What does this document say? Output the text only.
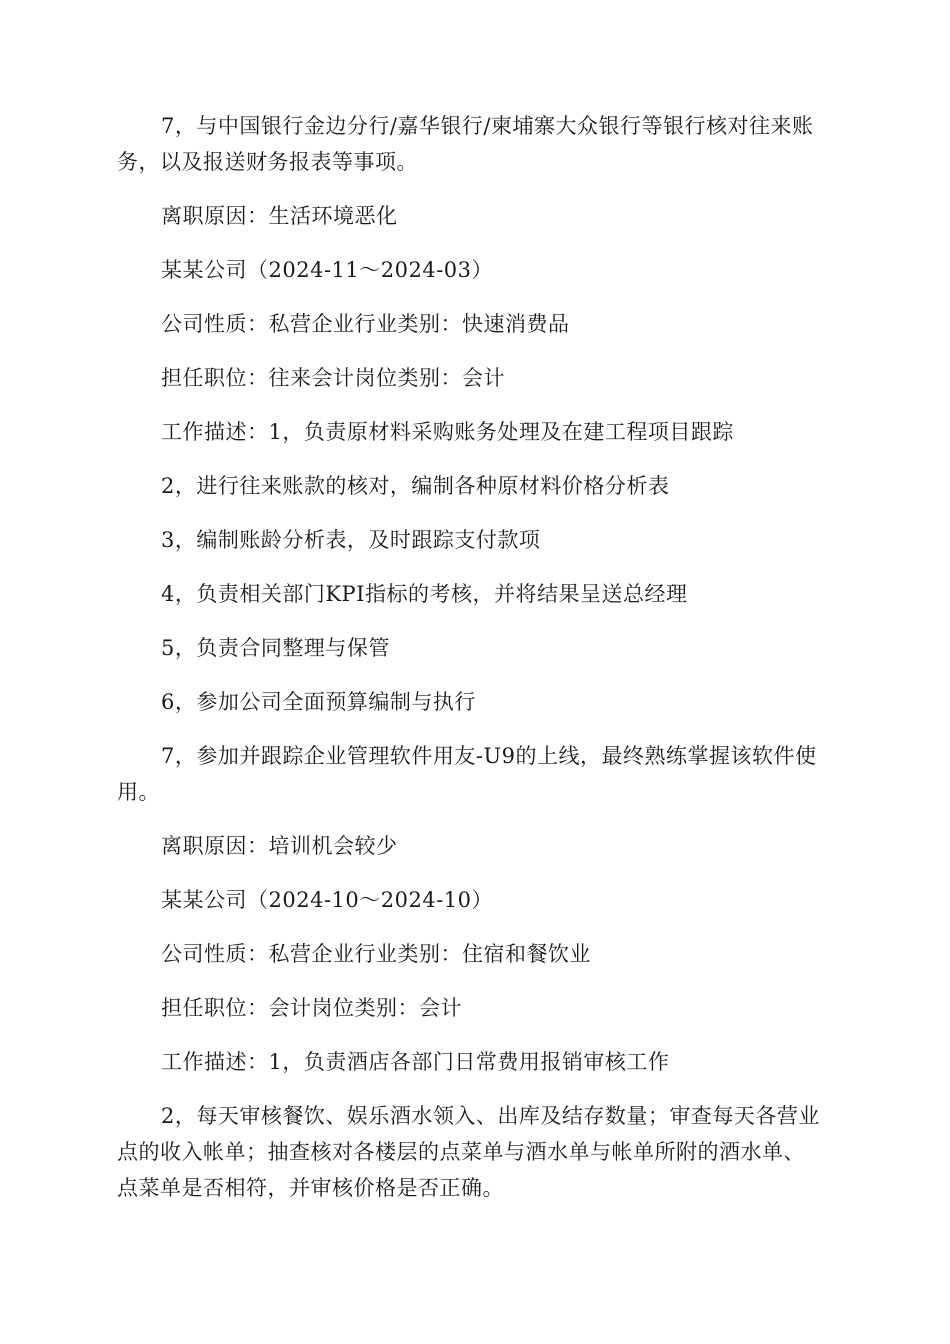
7，与中国银行金边分行/嘉华银行/柬埔寨大众银行等银行核对往来账务，以及报送财务报表等事项。

离职原因：生活环境恶化

某某公司（2024-11～2024-03）

公司性质：私营企业行业类别：快速消费品

担任职位：往来会计岗位类别：会计

工作描述：1，负责原材料采购账务处理及在建工程项目跟踪

2，进行往来账款的核对，编制各种原材料价格分析表

3，编制账龄分析表，及时跟踪支付款项

4，负责相关部门KPI指标的考核，并将结果呈送总经理

5，负责合同整理与保管

6，参加公司全面预算编制与执行

7，参加并跟踪企业管理软件用友-U9的上线，最终熟练掌握该软件使用。

离职原因：培训机会较少

某某公司（2024-10～2024-10）

公司性质：私营企业行业类别：住宿和餐饮业

担任职位：会计岗位类别：会计

工作描述：1，负责酒店各部门日常费用报销审核工作

2，每天审核餐饮、娱乐酒水领入、出库及结存数量；审查每天各营业点的收入帐单；抽查核对各楼层的点菜单与酒水单与帐单所附的酒水单、点菜单是否相符，并审核价格是否正确。
